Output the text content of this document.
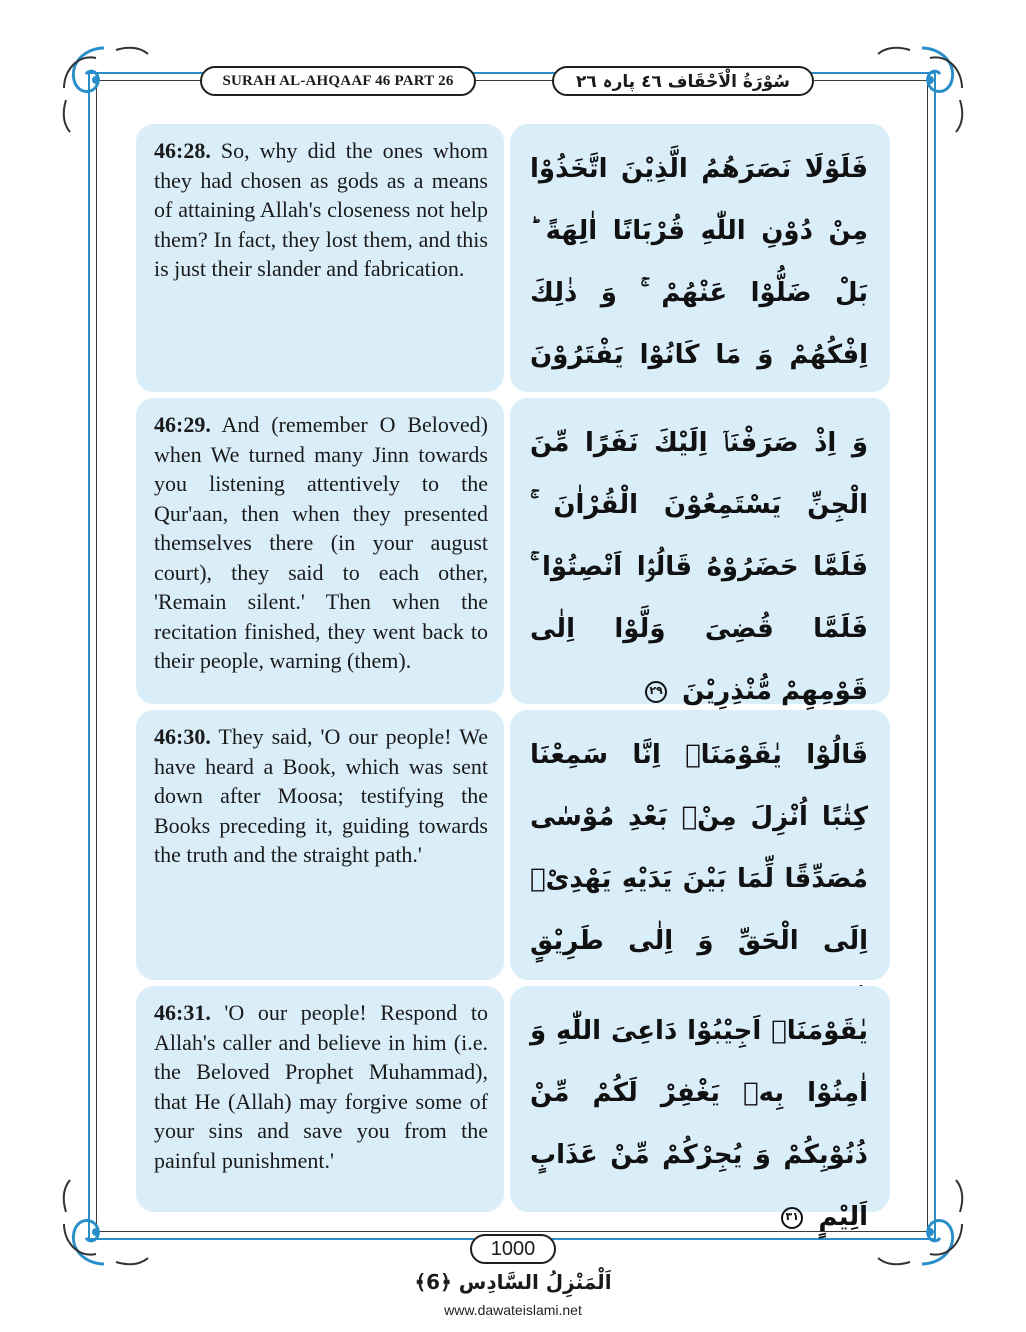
SURAH AL-AHQAAF 46 PART 26	سُوْرَةُ الْاَحْقَاف ٤٦ پارہ ٢٦
46:28. So, why did the ones whom they had chosen as gods as a means of attaining Allah's closeness not help them? In fact, they lost them, and this is just their slander and fabrication.
فَلَوْلَا نَصَرَهُمُ الَّذِیْنَ اتَّخَذُوْا مِنْ دُوْنِ اللّٰهِ قُرْبَانًا اٰلِهَةً ؕ بَلْ ضَلُّوْا عَنْهُمْ ۚ وَ ذٰلِكَ اِفْكُهُمْ وَ مَا كَانُوْا یَفْتَرُوْنَ
46:29. And (remember O Beloved) when We turned many Jinn towards you listening attentively to the Qur'aan, then when they presented themselves there (in your august court), they said to each other, 'Remain silent.' Then when the recitation finished, they went back to their people, warning (them).
وَ اِذْ صَرَفْنَاۤ اِلَیْكَ نَفَرًا مِّنَ الْجِنِّ یَسْتَمِعُوْنَ الْقُرْاٰنَ ۚ فَلَمَّا حَضَرُوْهُ قَالُوْۤا اَنْصِتُوْا ۚ فَلَمَّا قُضِیَ وَلَّوْا اِلٰی قَوْمِهِمْ مُّنْذِرِیْنَ ٢٩
46:30. They said, 'O our people! We have heard a Book, which was sent down after Moosa; testifying the Books preceding it, guiding towards the truth and the straight path.'
قَالُوْا یٰقَوْمَنَاۤ اِنَّا سَمِعْنَا كِتٰبًا اُنْزِلَ مِنْۢ بَعْدِ مُوْسٰی مُصَدِّقًا لِّمَا بَیْنَ یَدَیْهِ یَهْدِیْۤ اِلَی الْحَقِّ وَ اِلٰی طَرِیْقٍ
46:31. 'O our people! Respond to Allah's caller and believe in him (i.e. the Beloved Prophet Muhammad), that He (Allah) may forgive some of your sins and save you from the painful punishment.'
یٰقَوْمَنَاۤ اَجِیْبُوْا دَاعِیَ اللّٰهِ وَ اٰمِنُوْا بِهٖ یَغْفِرْ لَكُمْ مِّنْ ذُنُوْبِكُمْ وَ یُجِرْكُمْ مِّنْ عَذَابٍ اَلِیْمٍ ٣١
1000
اَلْمَنْزِلُ السَّادِس ﴿6﴾
www.dawateislami.net
